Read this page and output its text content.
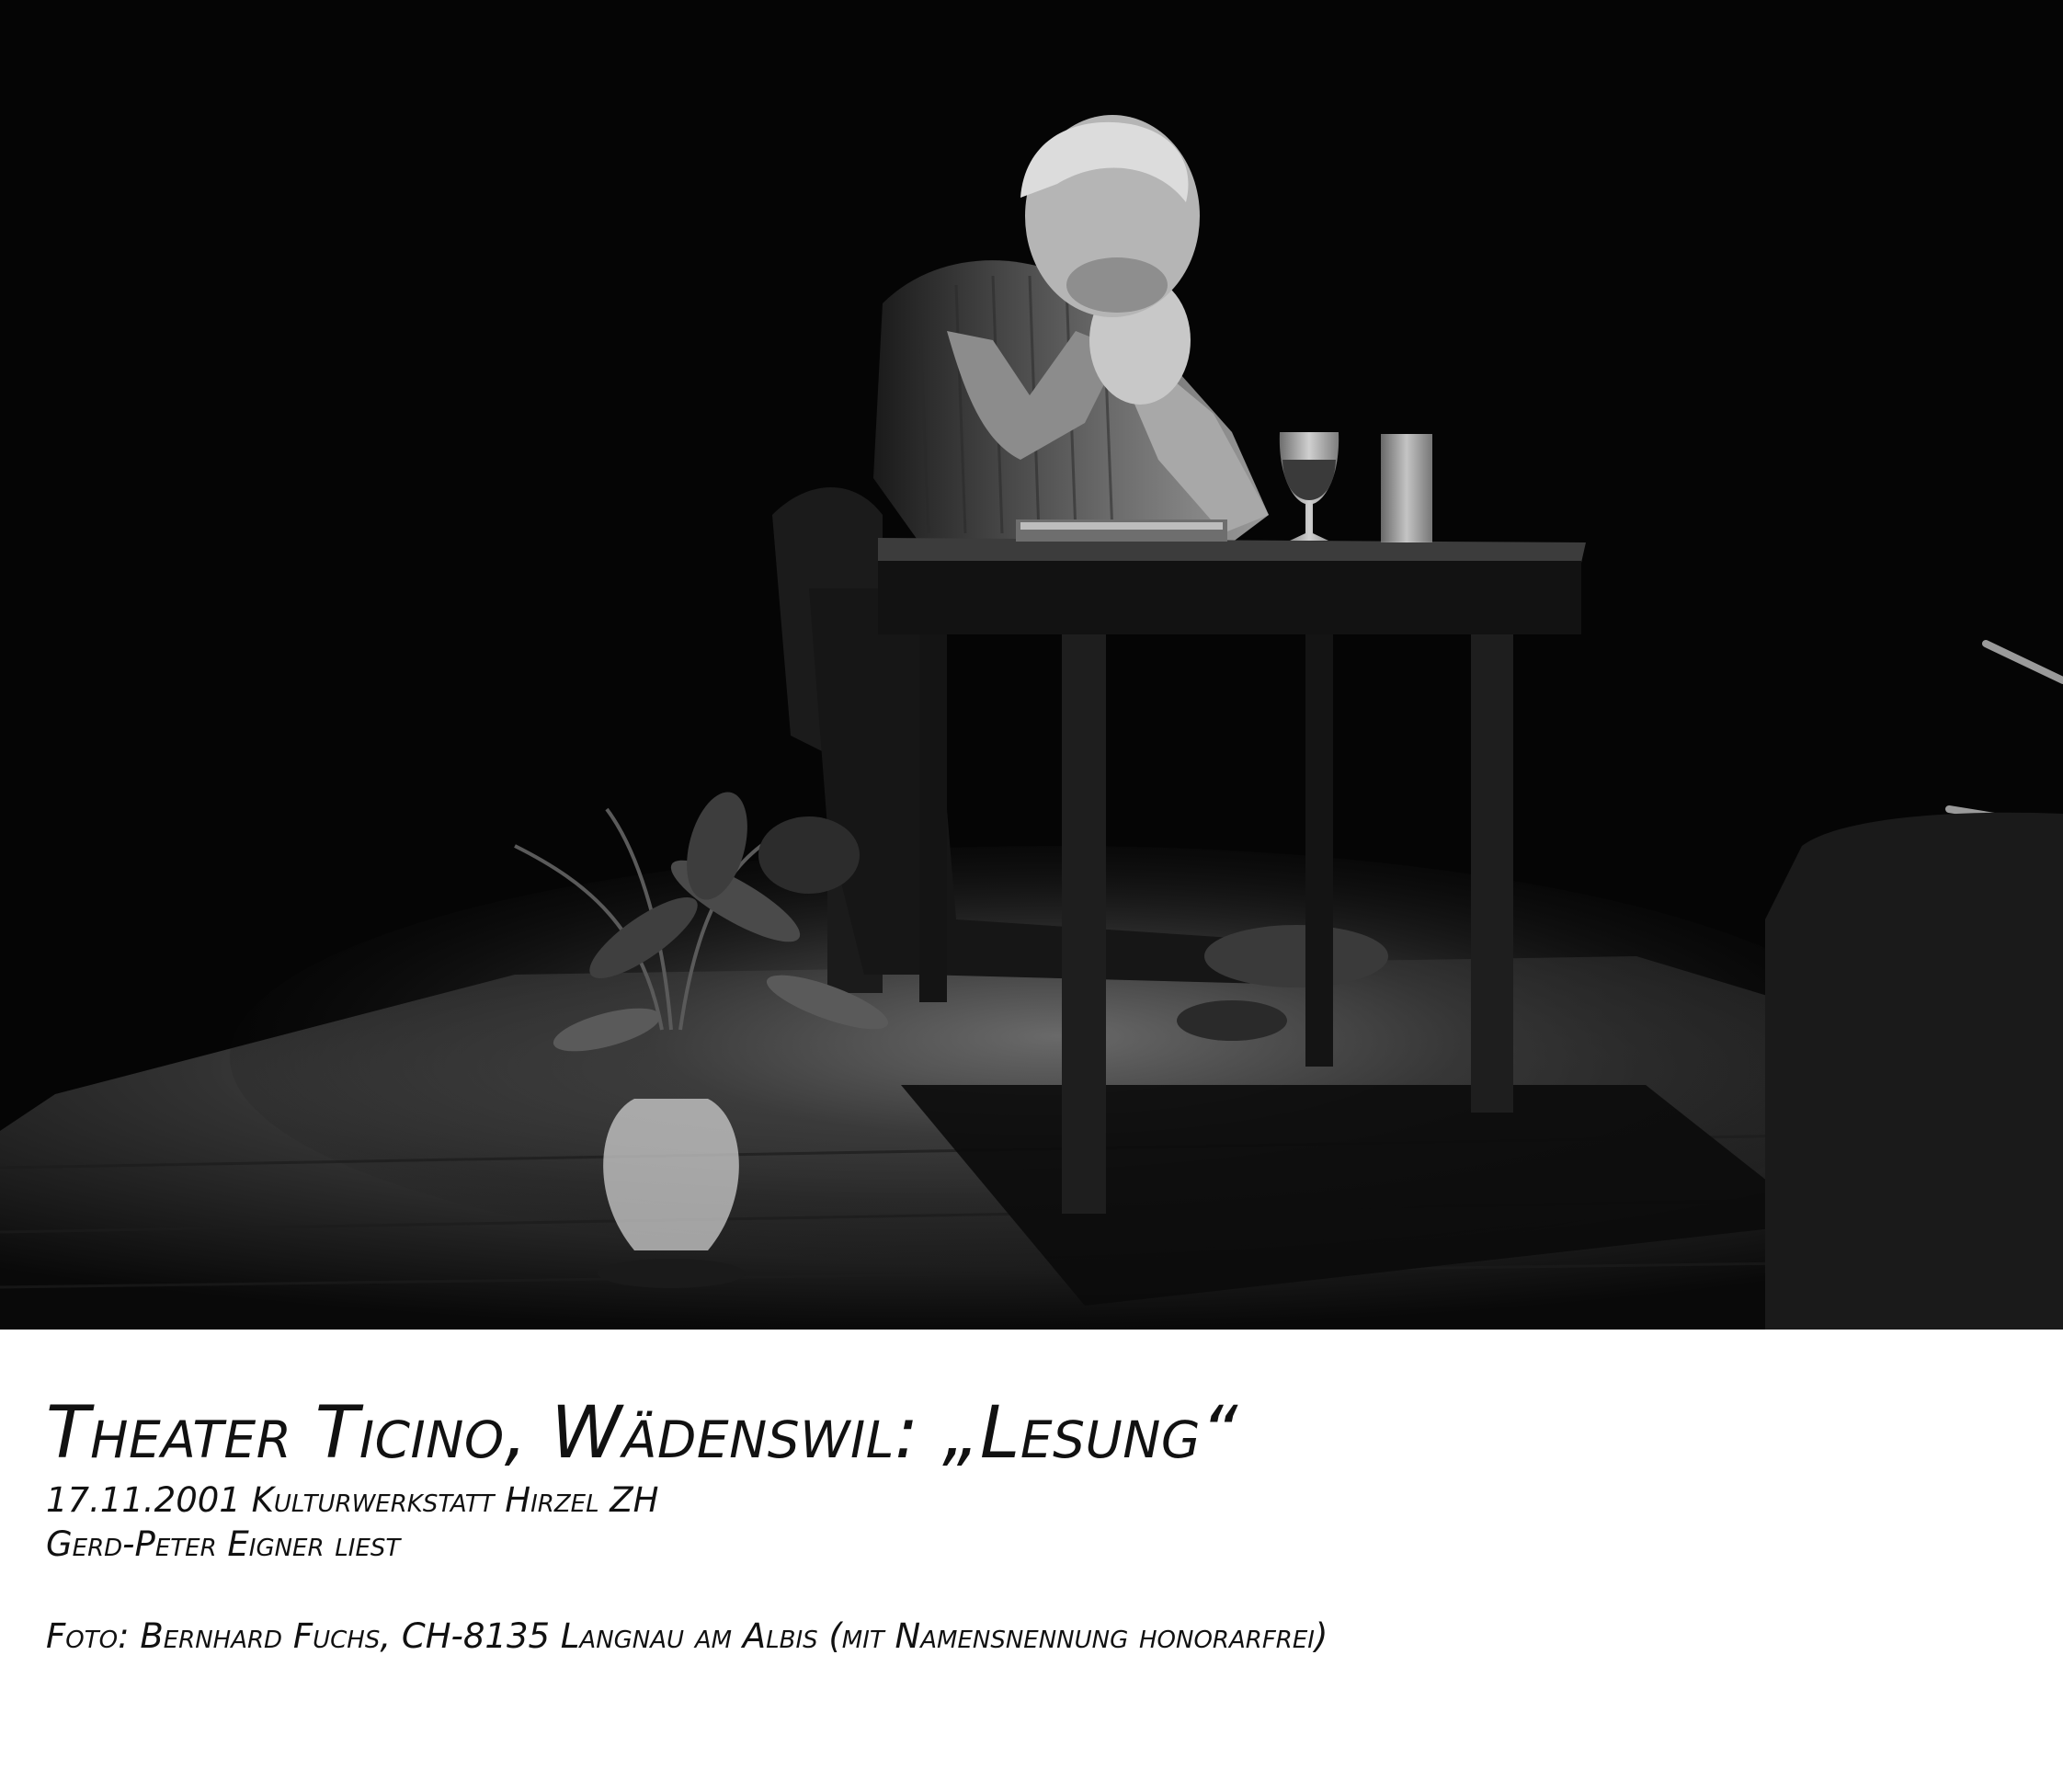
Theater Ticino, Wädenswil: „Lesung“
17.11.2001 Kulturwerkstatt Hirzel ZH
Gerd-Peter Eigner liest
Foto: Bernhard Fuchs, CH-8135 Langnau am Albis (mit Namensnennung honorarfrei)
